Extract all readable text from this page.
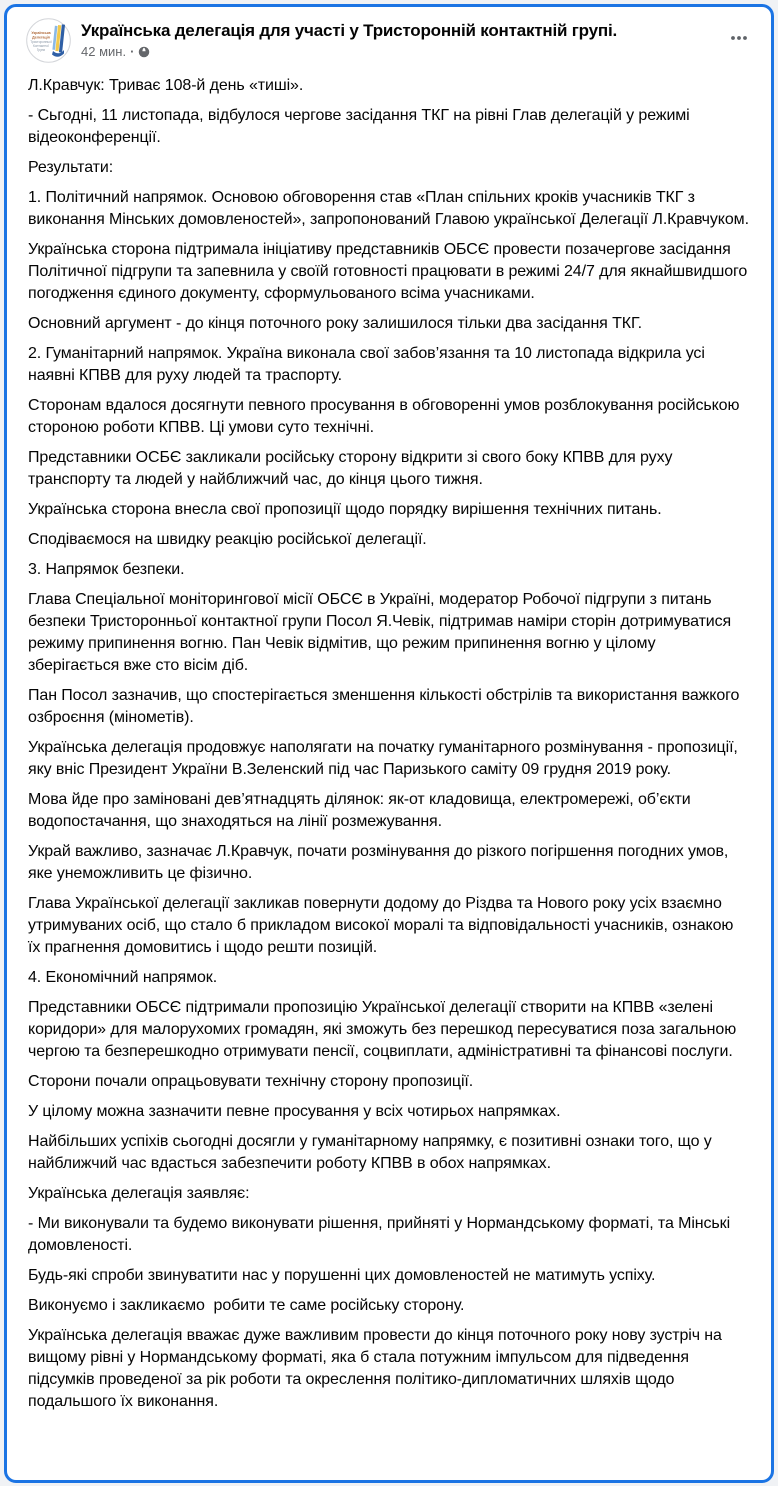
Українська
Делегація
Тристоронньої
Контактної
Групи
Українська делегація для участі у Тристоронній контактній групі.
42 мин. ·

Л.Кравчук: Триває 108-й день «тиші».

- Сьгодні, 11 листопада, відбулося чергове засідання ТКГ на рівні Глав делегацій у режимі відеоконференції.

Результати:

1. Політичний напрямок. Основою обговорення став «План спільних кроків учасників ТКГ з виконання Мінських домовленостей», запропонований Главою української Делегації Л.Кравчуком.

Українська сторона підтримала ініціативу представників ОБСЄ провести позачергове засідання Політичної підгрупи та запевнила у своїй готовності працювати в режимі 24/7 для якнайшвидшого погодження єдиного документу, сформульованого всіма учасниками.

Основний аргумент - до кінця поточного року залишилося тільки два засідання ТКГ.

2. Гуманітарний напрямок. Україна виконала свої забов’язання та 10 листопада відкрила усі наявні КПВВ для руху людей та траспорту.

Сторонам вдалося досягнути певного просування в обговоренні умов розблокування російською стороною роботи КПВВ. Ці умови суто технічні.

Представники ОСБЄ закликали російську сторону відкрити зі свого боку КПВВ для руху транспорту та людей у найближчий час, до кінця цього тижня.

Українська сторона внесла свої пропозиції щодо порядку вирішення технічних питань.

Сподіваємося на швидку реакцію російської делегації.

3. Напрямок безпеки.

Глава Спеціальної моніторингової місії ОБСЄ в Україні, модератор Робочої підгрупи з питань безпеки Тристоронньої контактної групи Посол Я.Чевік, підтримав наміри сторін дотримуватися режиму припинення вогню. Пан Чевік відмітив, що режим припинення вогню у цілому зберігається вже сто вісім діб.

Пан Посол зазначив, що спостерігається зменшення кількості обстрілів та використання важкого озброєння (мінометів).

Українська делегація продовжує наполягати на початку гуманітарного розмінування - пропозиції, яку вніс Президент України В.Зеленский під час Паризького саміту 09 грудня 2019 року.

Мова йде про заміновані дев’ятнадцять ділянок: як-от кладовища, електромережі, об’єкти водопостачання, що знаходяться на лінії розмежування.

Украй важливо, зазначає Л.Кравчук, почати розмінування до різкого погіршення погодних умов, яке унеможливить це фізично.

Глава Української делегації закликав повернути додому до Різдва та Нового року усіх взаємно утримуваних осіб, що стало б прикладом високої моралі та відповідальності учасників, ознакою їх прагнення домовитись і щодо решти позицій.

4. Економічний напрямок.

Представники ОБСЄ підтримали пропозицію Української делегації створити на КПВВ «зелені коридори» для малорухомих громадян, які зможуть без перешкод пересуватися поза загальною чергою та безперешкодно отримувати пенсії, соцвиплати, адміністративні та фінансові послуги.

Сторони почали опрацьовувати технічну сторону пропозиції.

У цілому можна зазначити певне просування у всіх чотирьох напрямках.

Найбільших успіхів сьогодні досягли у гуманітарному напрямку, є позитивні ознаки того, що у найближчий час вдасться забезпечити роботу КПВВ в обох напрямках.

Українська делегація заявляє:

- Ми виконували та будемо виконувати рішення, прийняті у Нормандському форматі, та Мінські домовленості.

Будь-які спроби звинуватити нас у порушенні цих домовленостей не матимуть успіху.

Виконуємо і закликаємо  робити те саме російську сторону.

Українська делегація вважає дуже важливим провести до кінця поточного року нову зустріч на вищому рівні у Нормандському форматі, яка б стала потужним імпульсом для підведення підсумків проведеної за рік роботи та окреслення політико-дипломатичних шляхів щодо подальшого їх виконання.
